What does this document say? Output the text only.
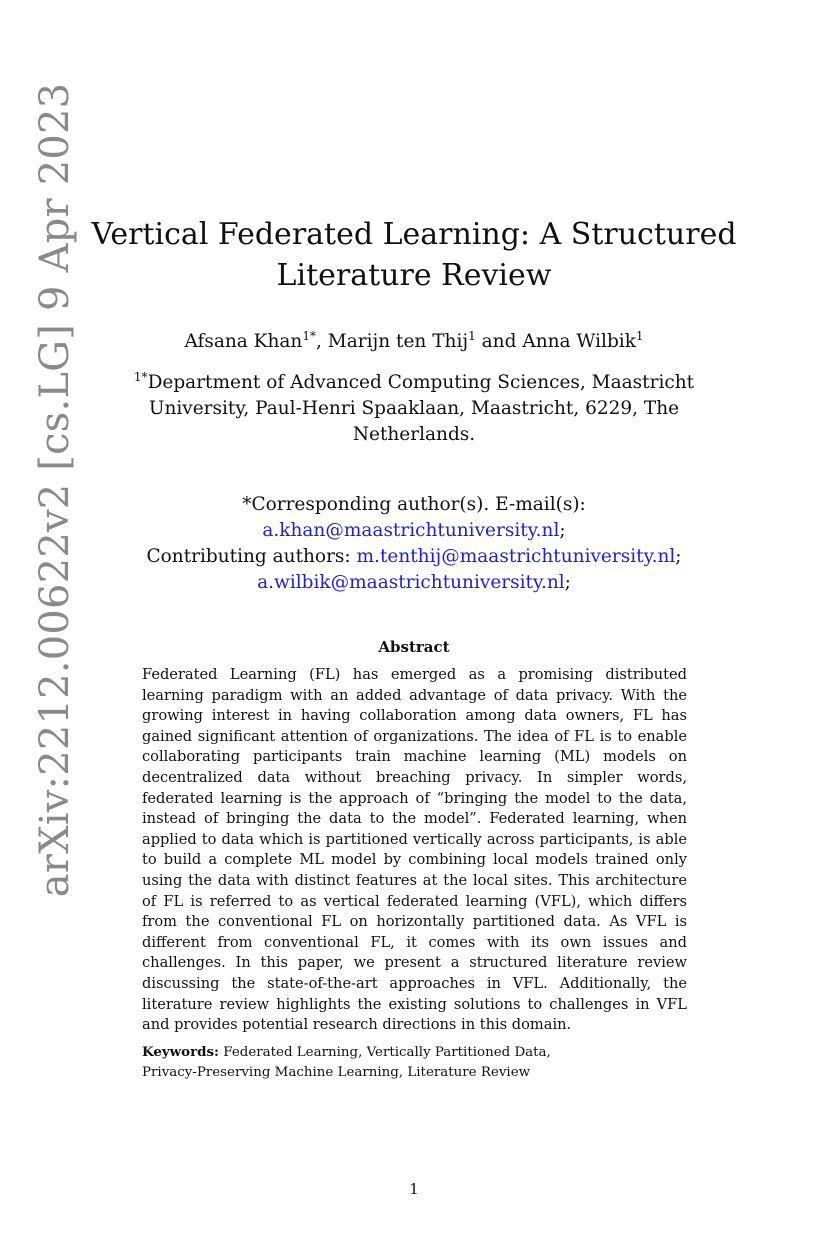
arXiv:2212.00622v2 [cs.LG] 9 Apr 2023 Vertical Federated Learning: A Structured
Literature Review
Afsana Khan$^{1*}$, Marijn ten Thij$^1$ and Anna Wilbik$^1$
$^{1*}$Department of Advanced Computing Sciences, Maastricht
University, Paul-Henri Spaaklaan, Maastricht, 6229, The
Netherlands.
*Corresponding author(s). E-mail(s):
a.khan@maastrichtuniversity.nl;
Contributing authors: m.tenthij@maastrichtuniversity.nl;
a.wilbik@maastrichtuniversity.nl;
Abstract

Federated Learning (FL) has emerged as a promising distributed learning paradigm with an added advantage of data privacy. With the growing interest in having collaboration among data owners, FL has gained significant attention of organizations. The idea of FL is to enable collaborating participants train machine learning (ML) models on decentralized data without breaching privacy. In simpler words, federated learning is the approach of “bringing the model to the data, instead of bringing the data to the model”. Federated learning, when applied to data which is partitioned vertically across participants, is able to build a complete ML model by combining local models trained only using the data with distinct features at the local sites. This architecture of FL is referred to as vertical federated learning (VFL), which differs from the conventional FL on horizontally partitioned data. As VFL is different from conventional FL, it comes with its own issues and challenges. In this paper, we present a structured literature review discussing the state-of-the-art approaches in VFL. Additionally, the literature review highlights the existing solutions to challenges in VFL and provides potential research directions in this domain.

Keywords: Federated Learning, Vertically Partitioned Data,
Privacy-Preserving Machine Learning, Literature Review
1
